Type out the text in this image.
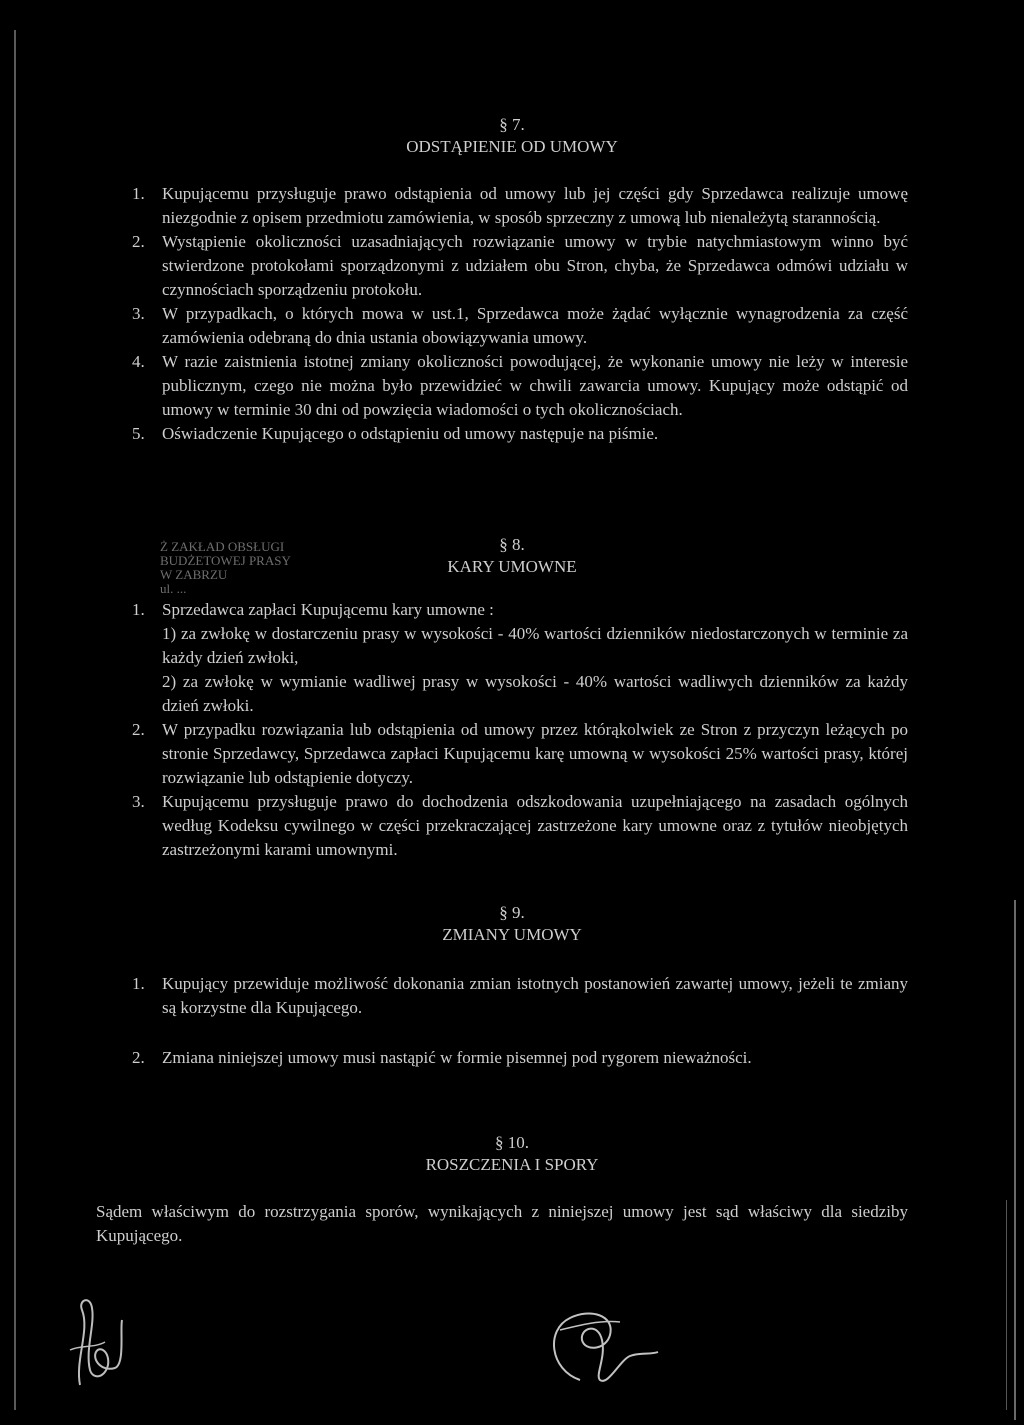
§ 7.
ODSTĄPIENIE OD UMOWY
1. Kupującemu przysługuje prawo odstąpienia od umowy lub jej części gdy Sprzedawca realizuje umowę niezgodnie z opisem przedmiotu zamówienia, w sposób sprzeczny z umową lub nienależytą starannością.
2. Wystąpienie okoliczności uzasadniających rozwiązanie umowy w trybie natychmiastowym winno być stwierdzone protokołami sporządzonymi z udziałem obu Stron, chyba, że Sprzedawca odmówi udziału w czynnościach sporządzeniu protokołu.
3. W przypadkach, o których mowa w ust.1, Sprzedawca może żądać wyłącznie wynagrodzenia za część zamówienia odebraną do dnia ustania obowiązywania umowy.
4. W razie zaistnienia istotnej zmiany okoliczności powodującej, że wykonanie umowy nie leży w interesie publicznym, czego nie można było przewidzieć w chwili zawarcia umowy. Kupujący może odstąpić od umowy w terminie 30 dni od powzięcia wiadomości o tych okolicznościach.
5. Oświadczenie Kupującego o odstąpieniu od umowy następuje na piśmie.
Ż ZAKŁAD OBSŁUGI
BUDŻETOWEJ PRASY
W ZABRZU
ul. ...
§ 8.
KARY UMOWNE
1. Sprzedawca zapłaci Kupującemu kary umowne :
1) za zwłokę w dostarczeniu prasy w wysokości - 40% wartości dzienników niedostarczonych w terminie za każdy dzień zwłoki,
2) za zwłokę w wymianie wadliwej prasy w wysokości - 40% wartości wadliwych dzienników za każdy dzień zwłoki.
2. W przypadku rozwiązania lub odstąpienia od umowy przez którąkolwiek ze Stron z przyczyn leżących po stronie Sprzedawcy, Sprzedawca zapłaci Kupującemu karę umowną w wysokości 25% wartości prasy, której rozwiązanie lub odstąpienie dotyczy.
3. Kupującemu przysługuje prawo do dochodzenia odszkodowania uzupełniającego na zasadach ogólnych według Kodeksu cywilnego w części przekraczającej zastrzeżone kary umowne oraz z tytułów nieobjętych zastrzeżonymi karami umownymi.
§ 9.
ZMIANY UMOWY
1. Kupujący przewiduje możliwość dokonania zmian istotnych postanowień zawartej umowy, jeżeli te zmiany są korzystne dla Kupującego.
2. Zmiana niniejszej umowy musi nastąpić w formie pisemnej pod rygorem nieważności.
§ 10.
ROSZCZENIA I SPORY
Sądem właściwym do rozstrzygania sporów, wynikających z niniejszej umowy jest sąd właściwy dla siedziby Kupującego.
